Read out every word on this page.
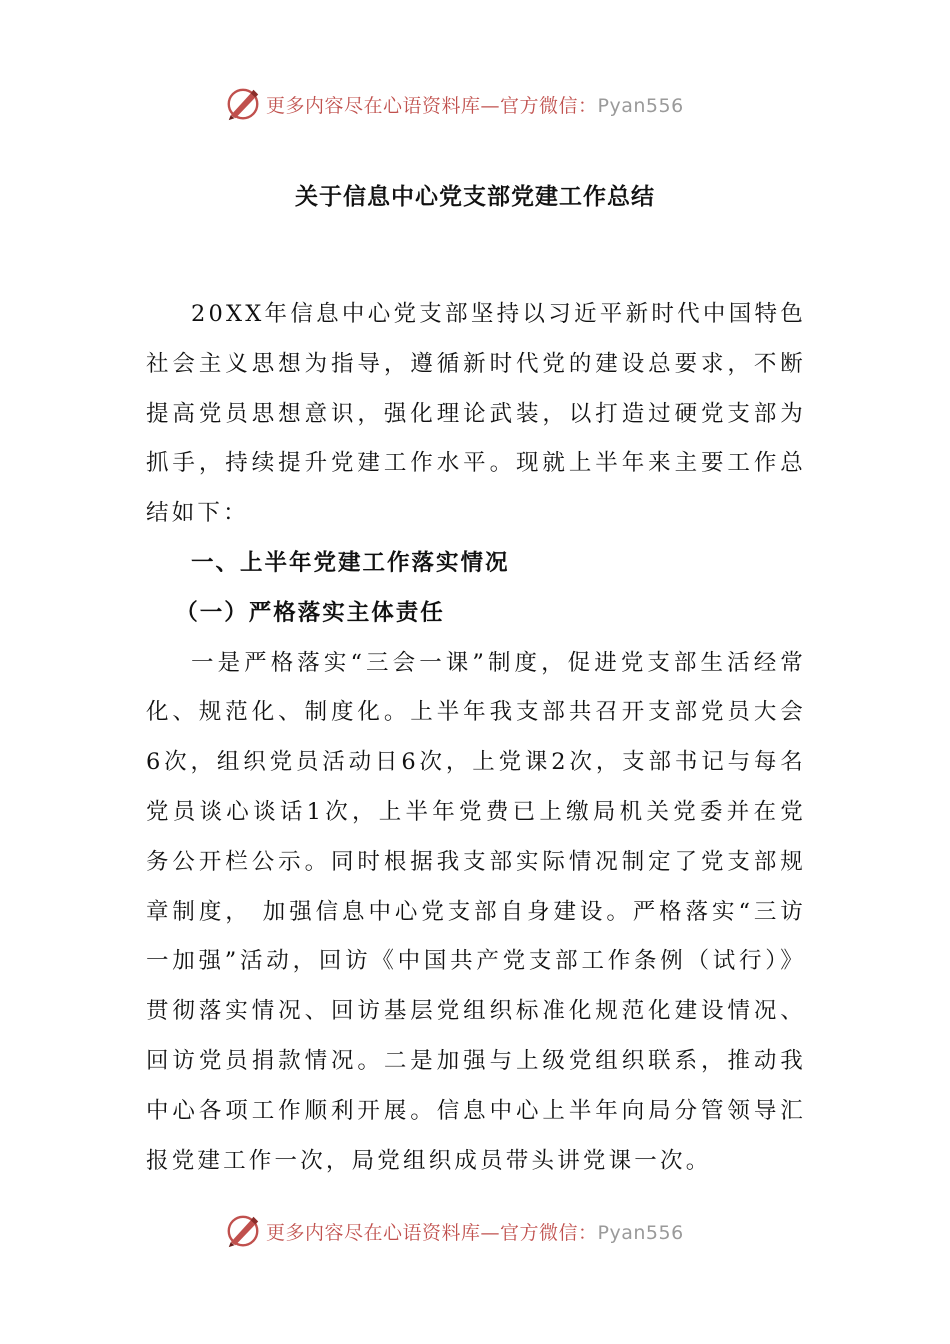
更多内容尽在心语资料库—官方微信：Pyan556
关于信息中心党支部党建工作总结

20XX年信息中心党支部坚持以习近平新时代中国特色社会主义思想为指导，遵循新时代党的建设总要求，不断提高党员思想意识，强化理论武装，以打造过硬党支部为抓手，持续提升党建工作水平。现就上半年来主要工作总结如下：

一、上半年党建工作落实情况
（一）严格落实主体责任

一是严格落实“三会一课”制度，促进党支部生活经常化、规范化、制度化。上半年我支部共召开支部党员大会6次，组织党员活动日6次，上党课2次，支部书记与每名党员谈心谈话1次，上半年党费已上缴局机关党委并在党务公开栏公示。同时根据我支部实际情况制定了党支部规章制度， 加强信息中心党支部自身建设。严格落实“三访一加强”活动，回访《中国共产党支部工作条例（试行）》贯彻落实情况、回访基层党组织标准化规范化建设情况、回访党员捐款情况。二是加强与上级党组织联系，推动我中心各项工作顺利开展。信息中心上半年向局分管领导汇报党建工作一次，局党组织成员带头讲党课一次。

更多内容尽在心语资料库—官方微信：Pyan556
